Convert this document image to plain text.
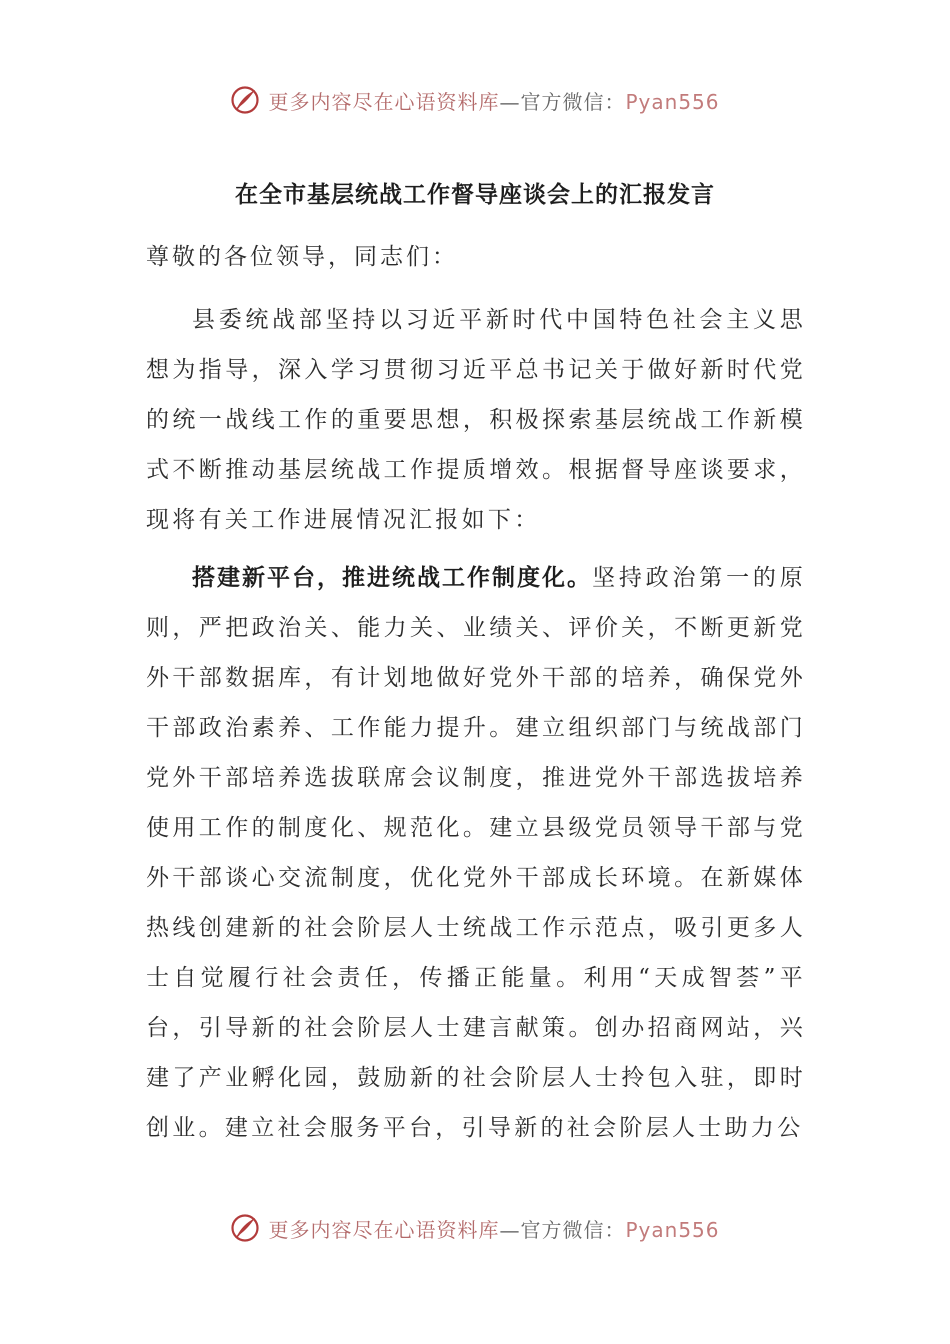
更多内容尽在心语资料库—官方微信：Pyan556
在全市基层统战工作督导座谈会上的汇报发言
尊敬的各位领导，同志们：

县委统战部坚持以习近平新时代中国特色社会主义思想为指导，深入学习贯彻习近平总书记关于做好新时代党的统一战线工作的重要思想，积极探索基层统战工作新模式不断推动基层统战工作提质增效。根据督导座谈要求，现将有关工作进展情况汇报如下：

搭建新平台，推进统战工作制度化。坚持政治第一的原则，严把政治关、能力关、业绩关、评价关，不断更新党外干部数据库，有计划地做好党外干部的培养，确保党外干部政治素养、工作能力提升。建立组织部门与统战部门党外干部培养选拔联席会议制度，推进党外干部选拔培养使用工作的制度化、规范化。建立县级党员领导干部与党外干部谈心交流制度，优化党外干部成长环境。在新媒体热线创建新的社会阶层人士统战工作示范点，吸引更多人士自觉履行社会责任，传播正能量。利用“天成智荟”平台，引导新的社会阶层人士建言献策。创办招商网站，兴建了产业孵化园，鼓励新的社会阶层人士拎包入驻，即时创业。建立社会服务平台，引导新的社会阶层人士助力公

更多内容尽在心语资料库—官方微信：Pyan556
